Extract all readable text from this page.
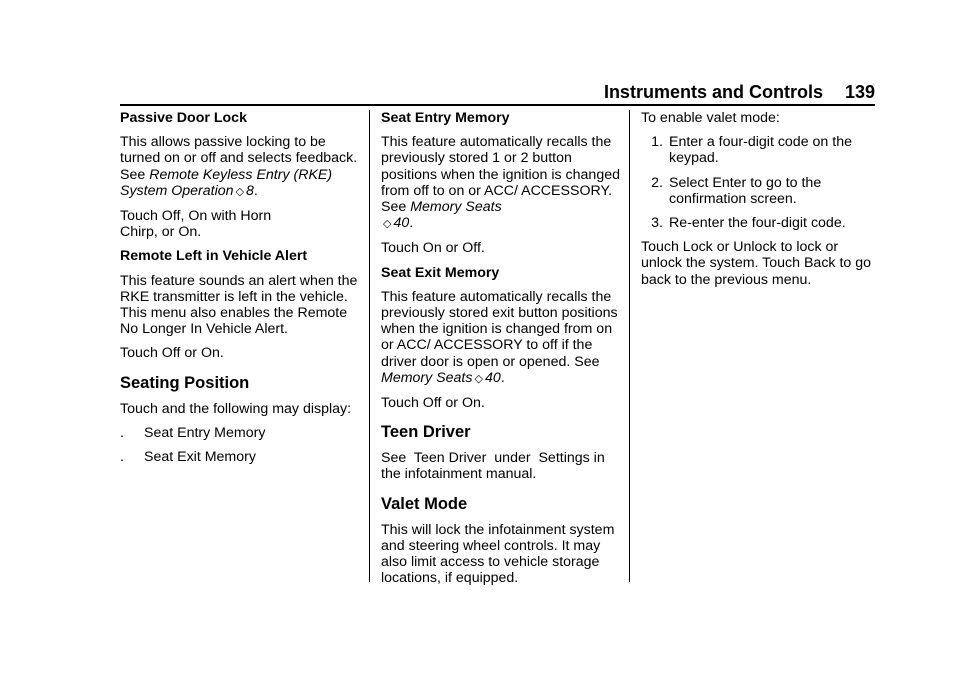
Instruments and Controls 139
Passive Door Lock
This allows passive locking to be turned on or off and selects feedback. See Remote Keyless Entry (RKE) System Operation ◇ 8.
Touch Off, On with Horn
Chirp, or On.
Remote Left in Vehicle Alert
This feature sounds an alert when the RKE transmitter is left in the vehicle. This menu also enables the Remote No Longer In Vehicle Alert.
Touch Off or On.
Seating Position
Touch and the following may display:
.	Seat Entry Memory
.	Seat Exit Memory
Seat Entry Memory
This feature automatically recalls the previously stored 1 or 2 button positions when the ignition is changed from off to on or ACC/ ACCESSORY. See Memory Seats
◇ 40.
Touch On or Off.
Seat Exit Memory
This feature automatically recalls the previously stored exit button positions when the ignition is changed from on or ACC/ ACCESSORY to off if the driver door is open or opened. See Memory Seats ◇ 40.
Touch Off or On.
Teen Driver
See  Teen Driver  under  Settings in the infotainment manual.
Valet Mode
This will lock the infotainment system and steering wheel controls. It may also limit access to vehicle storage locations, if equipped.
To enable valet mode:
1. Enter a four-digit code on the keypad.
2. Select Enter to go to the confirmation screen.
3. Re-enter the four-digit code.
Touch Lock or Unlock to lock or unlock the system. Touch Back to go back to the previous menu.
